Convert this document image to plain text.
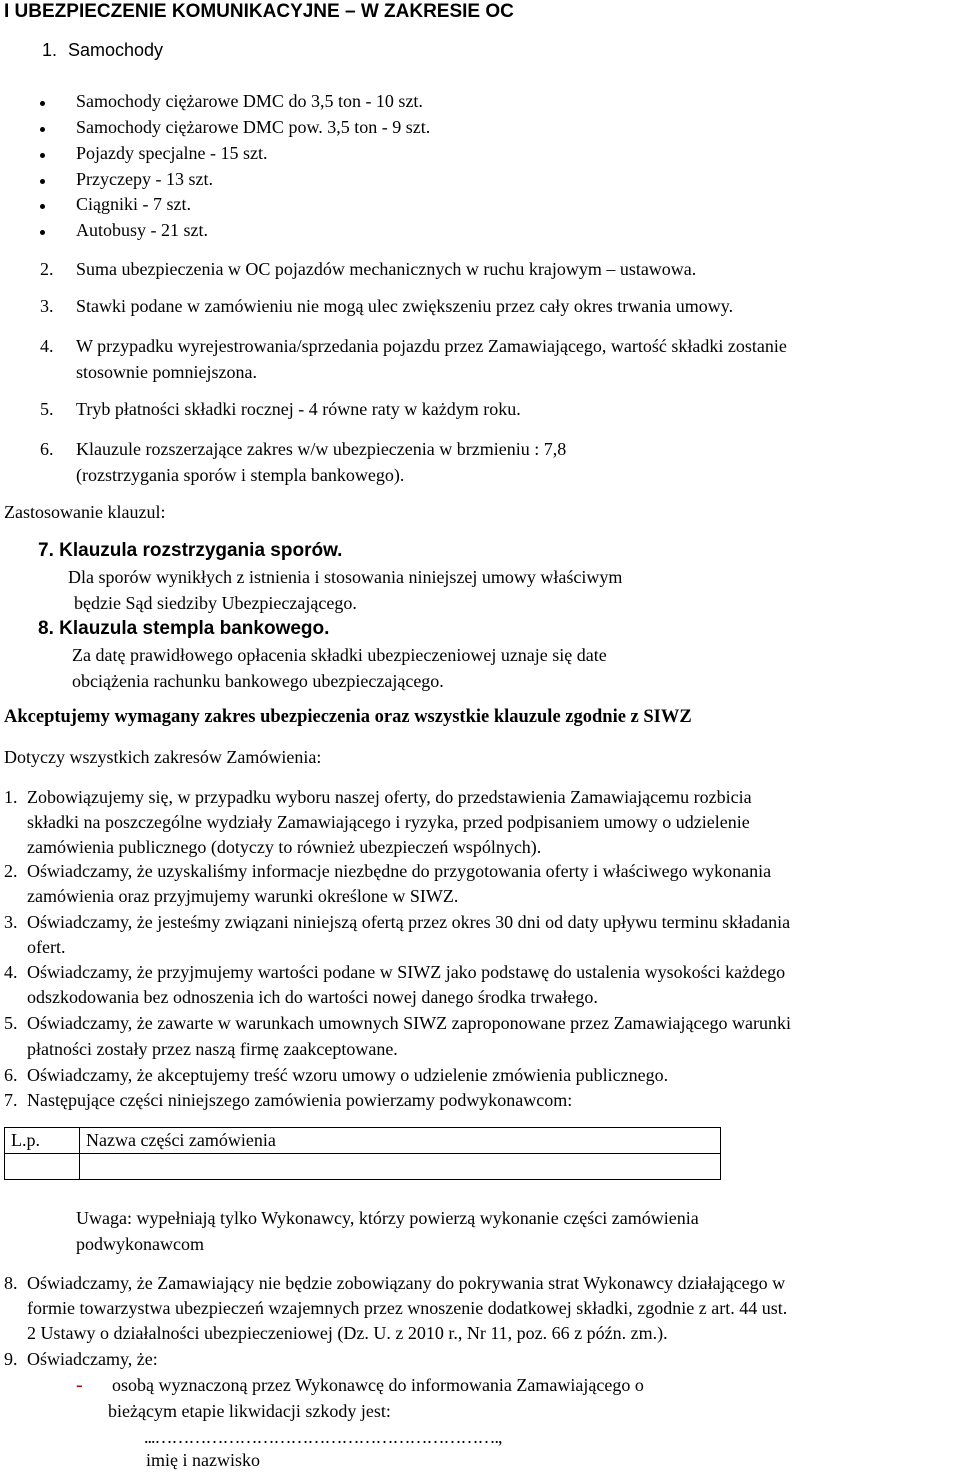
I UBEZPIECZENIE KOMUNIKACYJNE – W ZAKRESIE OC
1. Samochody
Samochody ciężarowe DMC do 3,5 ton - 10 szt.
Samochody ciężarowe DMC pow. 3,5 ton - 9 szt.
Pojazdy specjalne - 15 szt.
Przyczepy - 13 szt.
Ciągniki - 7 szt.
Autobusy - 21 szt.
2. Suma ubezpieczenia w OC pojazdów mechanicznych w ruchu krajowym – ustawowa.
3. Stawki podane w zamówieniu nie mogą ulec zwiększeniu przez cały okres trwania umowy.
4. W przypadku wyrejestrowania/sprzedania pojazdu przez Zamawiającego, wartość składki zostanie
stosownie pomniejszona.
5. Tryb płatności składki rocznej - 4 równe raty w każdym roku.
6. Klauzule rozszerzające zakres w/w ubezpieczenia w brzmieniu : 7,8
(rozstrzygania sporów i stempla bankowego).
Zastosowanie klauzul:
7. Klauzula rozstrzygania sporów.
Dla sporów wynikłych z istnienia i stosowania niniejszej umowy właściwym
będzie Sąd siedziby Ubezpieczającego.
8. Klauzula stempla bankowego.
Za datę prawidłowego opłacenia składki ubezpieczeniowej uznaje się date
obciążenia rachunku bankowego ubezpieczającego.
Akceptujemy wymagany zakres ubezpieczenia oraz wszystkie klauzule zgodnie z SIWZ
Dotyczy wszystkich zakresów Zamówienia:
1. Zobowiązujemy się, w przypadku wyboru naszej oferty, do przedstawienia Zamawiającemu rozbicia
składki na poszczególne wydziały Zamawiającego i ryzyka, przed podpisaniem umowy o udzielenie
zamówienia publicznego (dotyczy to również ubezpieczeń wspólnych).
2. Oświadczamy, że uzyskaliśmy informacje niezbędne do przygotowania oferty i właściwego wykonania
zamówienia oraz przyjmujemy warunki określone w SIWZ.
3. Oświadczamy, że jesteśmy związani niniejszą ofertą przez okres 30 dni od daty upływu terminu składania
ofert.
4. Oświadczamy, że przyjmujemy wartości podane w SIWZ jako podstawę do ustalenia wysokości każdego
odszkodowania bez odnoszenia ich do wartości nowej danego środka trwałego.
5. Oświadczamy, że zawarte w warunkach umownych SIWZ zaproponowane przez Zamawiającego warunki
płatności zostały przez naszą firmę zaakceptowane.
6. Oświadczamy, że akceptujemy treść wzoru umowy o udzielenie zmówienia publicznego.
7. Następujące części niniejszego zamówienia powierzamy podwykonawcom:
L.p.	Nazwa części zamówienia

Uwaga: wypełniają tylko Wykonawcy, którzy powierzą wykonanie części zamówienia
podwykonawcom
8. Oświadczamy, że Zamawiający nie będzie zobowiązany do pokrywania strat Wykonawcy działającego w
formie towarzystwa ubezpieczeń wzajemnych przez wnoszenie dodatkowej składki, zgodnie z art. 44 ust.
2 Ustawy o działalności ubezpieczeniowej (Dz. U. z 2010 r., Nr 11, poz. 66 z późn. zm.).
9. Oświadczamy, że:
- osobą wyznaczoną przez Wykonawcę do informowania Zamawiającego o
bieżącym etapie likwidacji szkody jest:
...…………………………………………………….,
imię i nazwisko
